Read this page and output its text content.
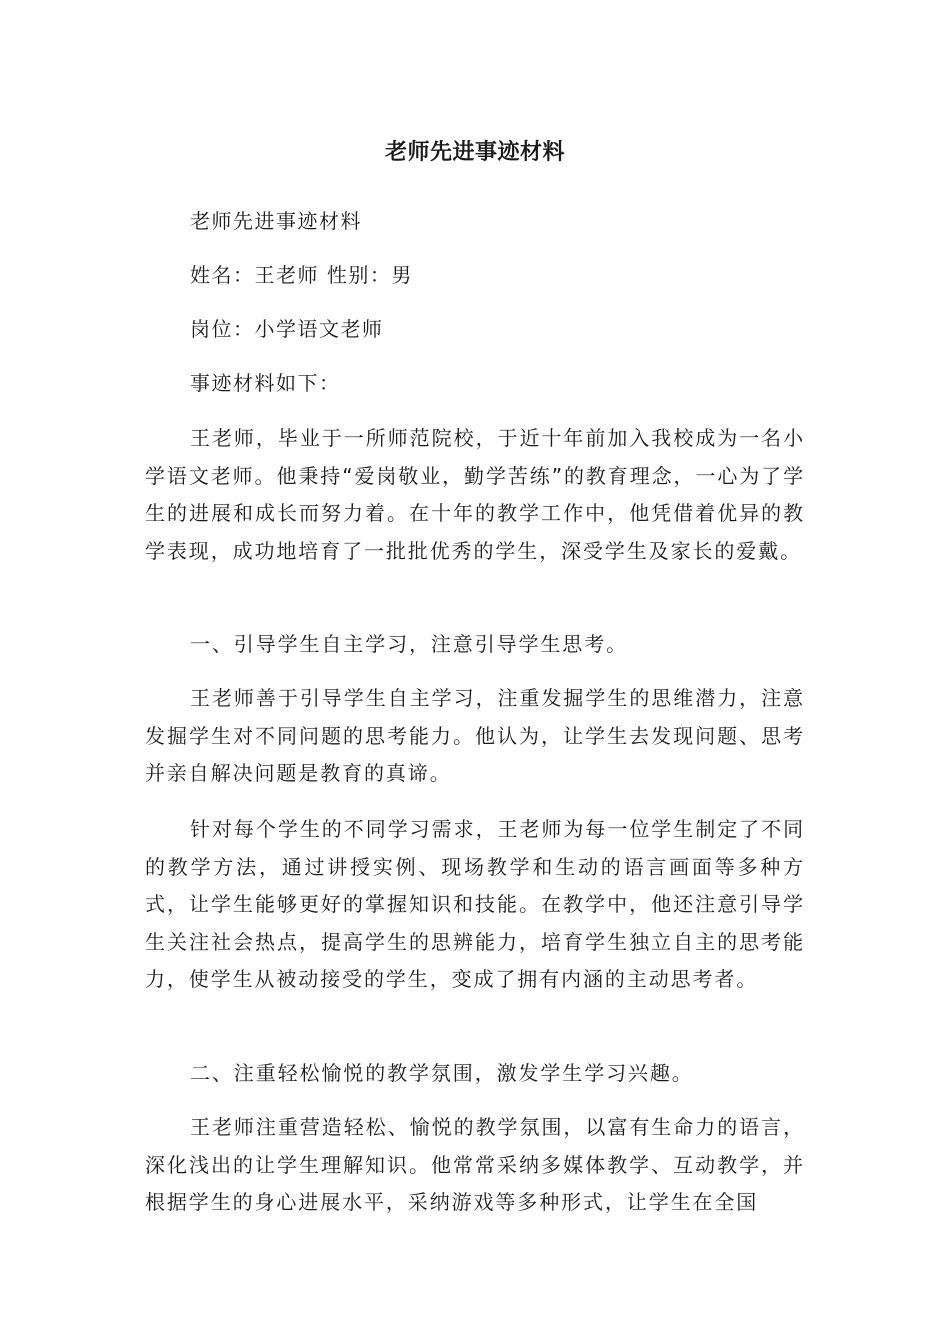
老师先进事迹材料
老师先进事迹材料
姓名：王老师 性别：男
岗位：小学语文老师
事迹材料如下：

王老师，毕业于一所师范院校，于近十年前加入我校成为一名小学语文老师。他秉持“爱岗敬业，勤学苦练”的教育理念，一心为了学生的进展和成长而努力着。在十年的教学工作中，他凭借着优异的教学表现，成功地培育了一批批优秀的学生，深受学生及家长的爱戴。

一、引导学生自主学习，注意引导学生思考。

王老师善于引导学生自主学习，注重发掘学生的思维潜力，注意发掘学生对不同问题的思考能力。他认为，让学生去发现问题、思考并亲自解决问题是教育的真谛。

针对每个学生的不同学习需求，王老师为每一位学生制定了不同的教学方法，通过讲授实例、现场教学和生动的语言画面等多种方式，让学生能够更好的掌握知识和技能。在教学中，他还注意引导学生关注社会热点，提高学生的思辨能力，培育学生独立自主的思考能力，使学生从被动接受的学生，变成了拥有内涵的主动思考者。

二、注重轻松愉悦的教学氛围，激发学生学习兴趣。

王老师注重营造轻松、愉悦的教学氛围，以富有生命力的语言，深化浅出的让学生理解知识。他常常采纳多媒体教学、互动教学，并根据学生的身心进展水平，采纳游戏等多种形式，让学生在全国
